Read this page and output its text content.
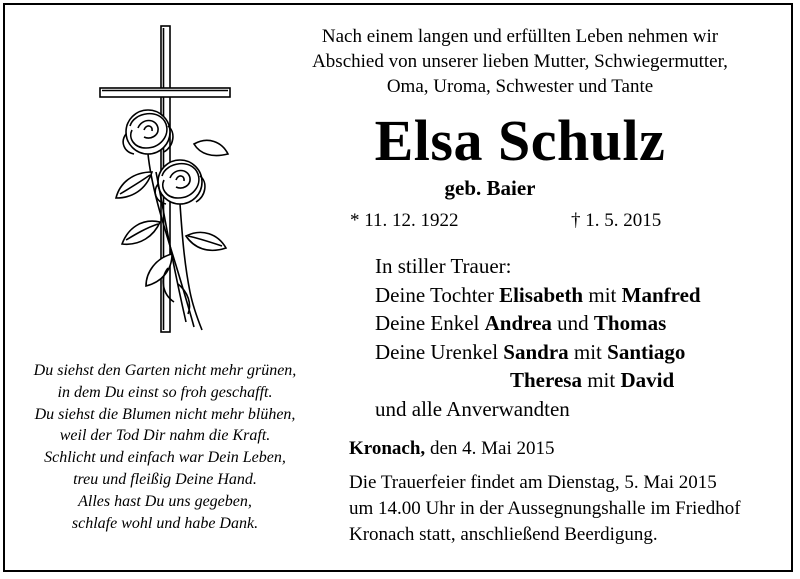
Nach einem langen und erfüllten Leben nehmen wir
Abschied von unserer lieben Mutter, Schwiegermutter,
Oma, Uroma, Schwester und Tante
Elsa Schulz
geb. Baier
* 11. 12. 1922	† 1. 5. 2015
In stiller Trauer:
Deine Tochter Elisabeth mit Manfred
Deine Enkel Andrea und Thomas
Deine Urenkel Sandra mit Santiago
Theresa mit David
und alle Anverwandten
Kronach, den 4. Mai 2015
Die Trauerfeier findet am Dienstag, 5. Mai 2015
um 14.00 Uhr in der Aussegnungshalle im Friedhof
Kronach statt, anschließend Beerdigung.
Du siehst den Garten nicht mehr grünen,
in dem Du einst so froh geschafft.
Du siehst die Blumen nicht mehr blühen,
weil der Tod Dir nahm die Kraft.
Schlicht und einfach war Dein Leben,
treu und fleißig Deine Hand.
Alles hast Du uns gegeben,
schlafe wohl und habe Dank.
